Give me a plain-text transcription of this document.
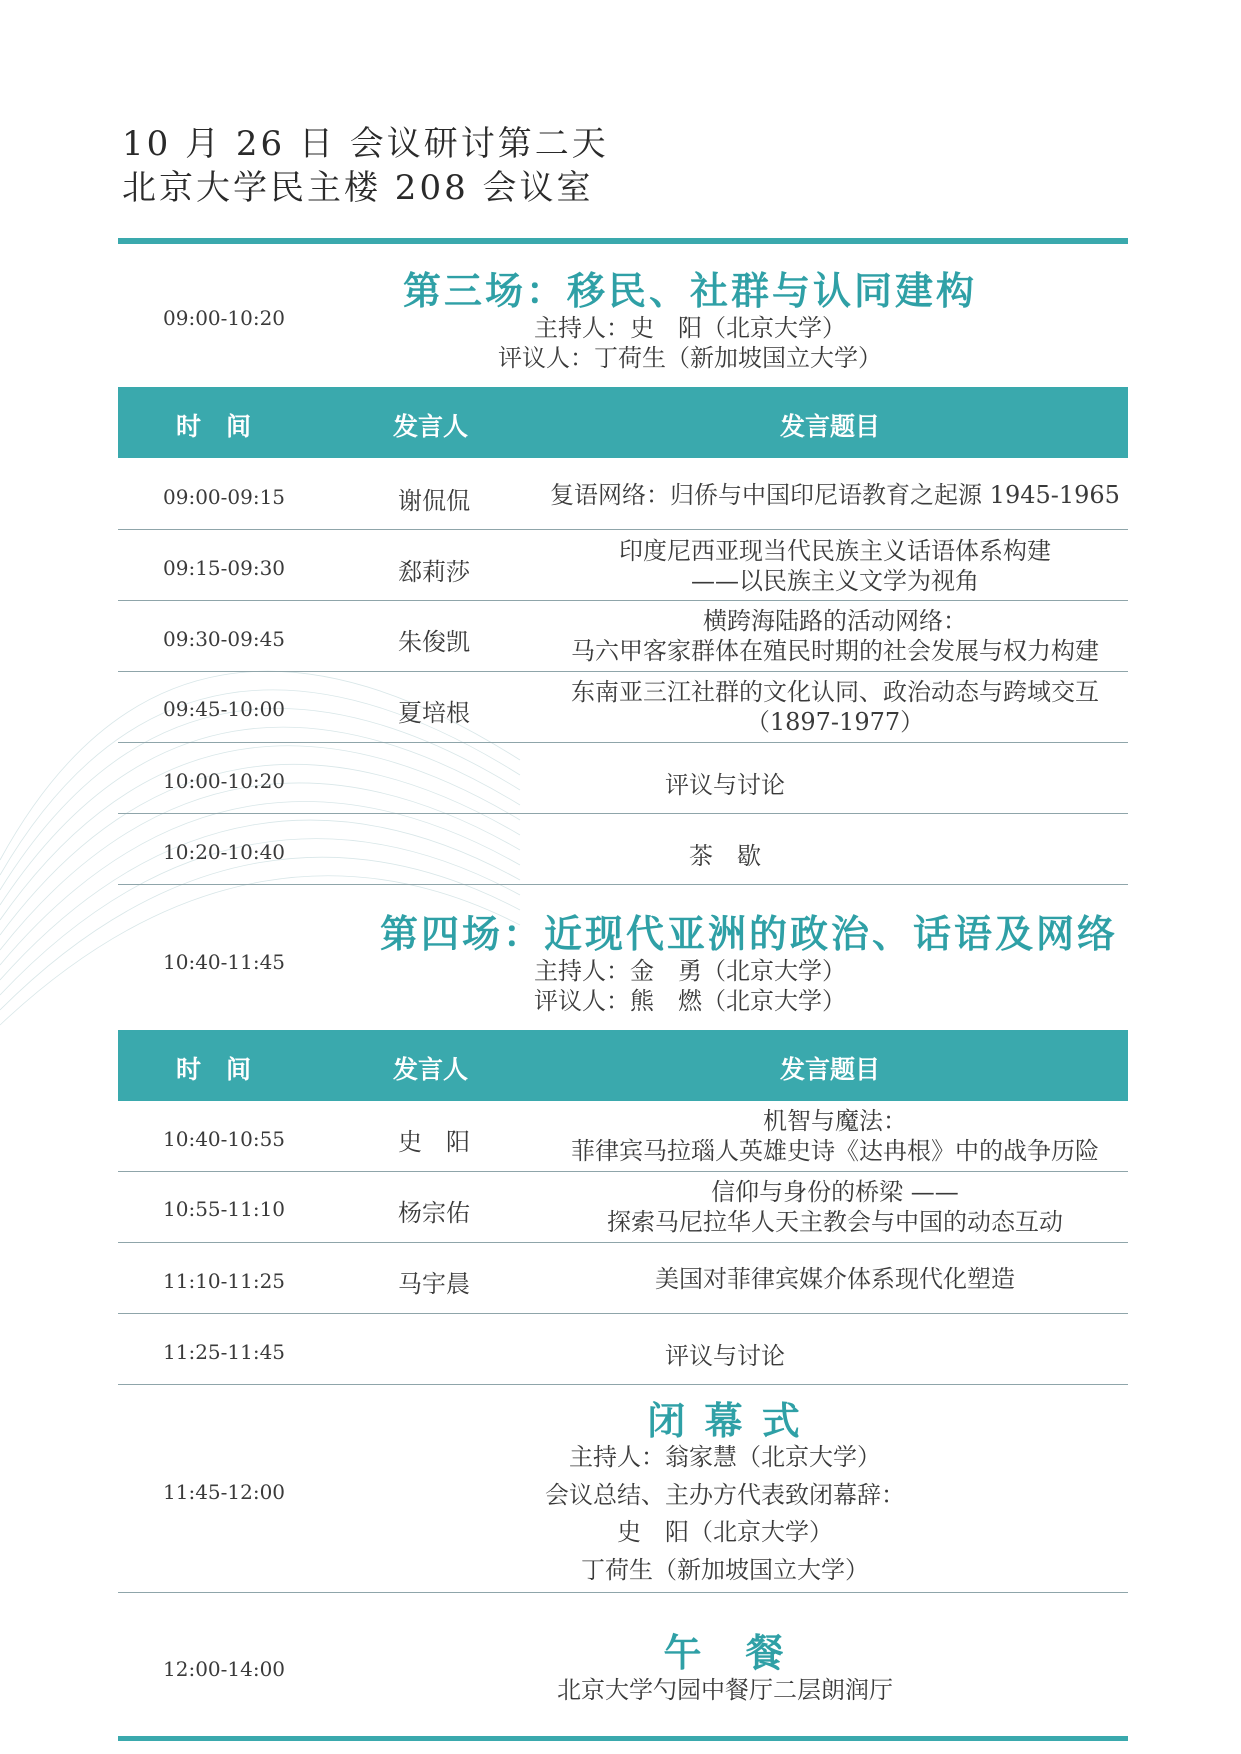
10 月 26 日 会议研讨第二天
北京大学民主楼 208 会议室
09:00-10:20
第三场：移民、社群与认同建构
主持人：史　阳（北京大学）
评议人：丁荷生（新加坡国立大学）
时　间	发言人	发言题目
09:00-09:15	谢侃侃	复语网络：归侨与中国印尼语教育之起源 1945-1965
09:15-09:30	郄莉莎
印度尼西亚现当代民族主义话语体系构建
——以民族主义文学为视角
09:30-09:45	朱俊凯
横跨海陆路的活动网络：
马六甲客家群体在殖民时期的社会发展与权力构建
09:45-10:00	夏培根
东南亚三江社群的文化认同、政治动态与跨域交互
（1897-1977）
10:00-10:20	评议与讨论
10:20-10:40	茶　歇
10:40-11:45
第四场：近现代亚洲的政治、话语及网络
主持人：金　勇（北京大学）
评议人：熊　燃（北京大学）
时　间	发言人	发言题目
10:40-10:55	史　阳
机智与魔法：
菲律宾马拉瑙人英雄史诗《达冉根》中的战争历险
10:55-11:10	杨宗佑
信仰与身份的桥梁 ——
探索马尼拉华人天主教会与中国的动态互动
11:10-11:25	马宇晨	美国对菲律宾媒介体系现代化塑造
11:25-11:45	评议与讨论
11:45-12:00
闭 幕 式
主持人：翁家慧（北京大学）
会议总结、主办方代表致闭幕辞：
史　阳（北京大学）
丁荷生（新加坡国立大学）
12:00-14:00	午　餐
北京大学勺园中餐厅二层朗润厅
